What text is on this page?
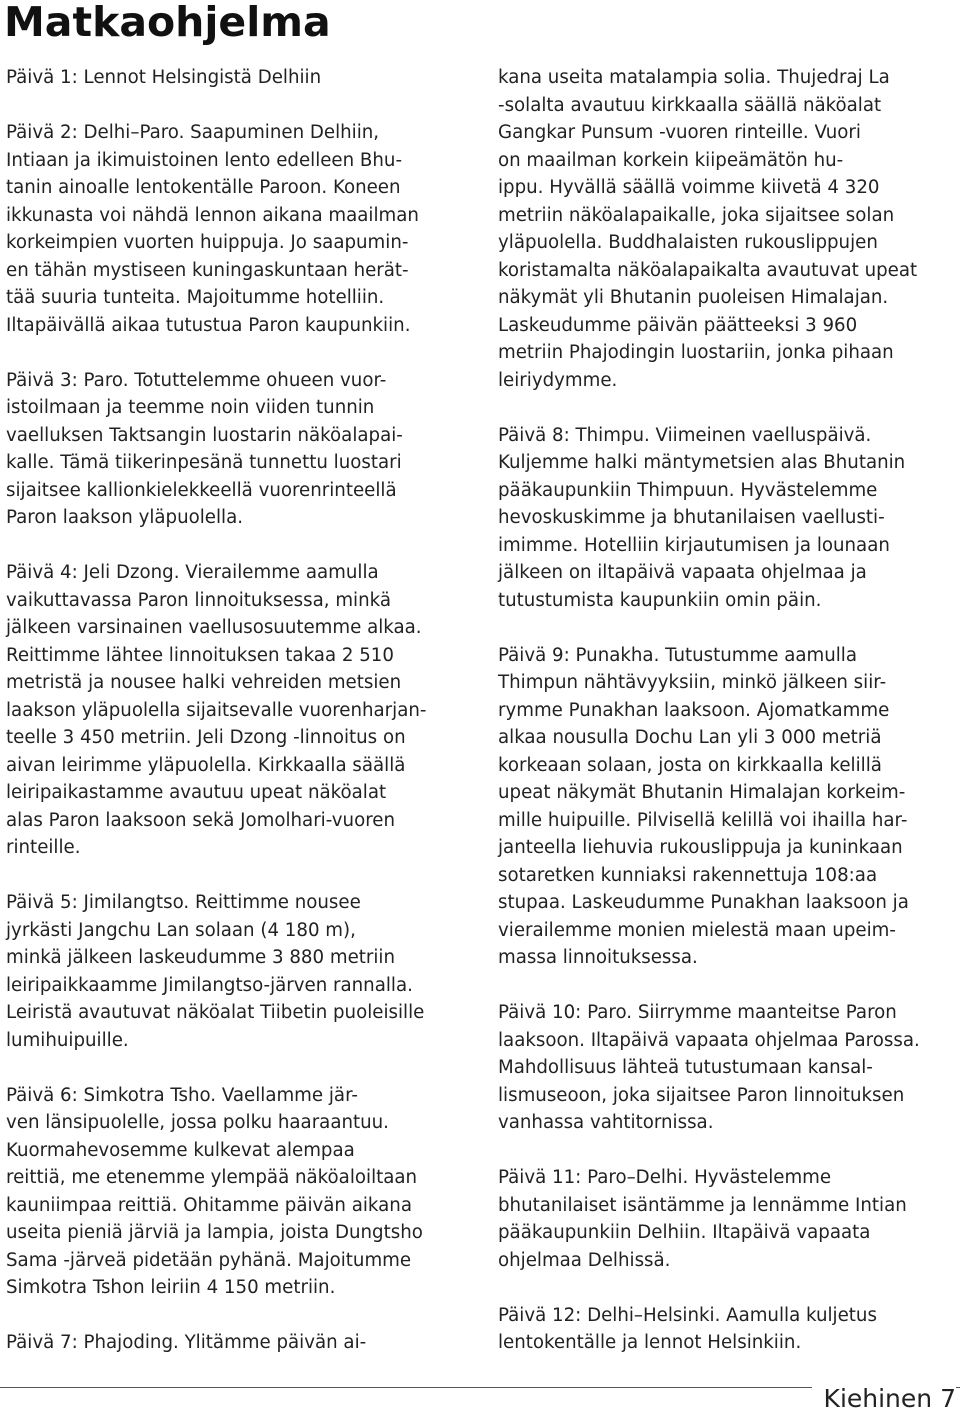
Matkaohjelma

Päivä 1: Lennot Helsingistä Delhiin

Päivä 2: Delhi–Paro. Saapuminen Delhiin,
Intiaan ja ikimuistoinen lento edelleen Bhu-
tanin ainoalle lentokentälle Paroon. Koneen
ikkunasta voi nähdä lennon aikana maailman
korkeimpien vuorten huippuja. Jo saapumin-
en tähän mystiseen kuningaskuntaan herät-
tää suuria tunteita. Majoitumme hotelliin.
Iltapäivällä aikaa tutustua Paron kaupunkiin.

Päivä 3: Paro. Totuttelemme ohueen vuor-
istoilmaan ja teemme noin viiden tunnin
vaelluksen Taktsangin luostarin näköalapai-
kalle. Tämä tiikerinpesänä tunnettu luostari
sijaitsee kallionkielekkeellä vuorenrinteellä
Paron laakson yläpuolella.

Päivä 4: Jeli Dzong. Vierailemme aamulla
vaikuttavassa Paron linnoituksessa, minkä
jälkeen varsinainen vaellusosuutemme alkaa.
Reittimme lähtee linnoituksen takaa 2 510
metristä ja nousee halki vehreiden metsien
laakson yläpuolella sijaitsevalle vuorenharjan-
teelle 3 450 metriin. Jeli Dzong -linnoitus on
aivan leirimme yläpuolella. Kirkkaalla säällä
leiripaikastamme avautuu upeat näköalat
alas Paron laaksoon sekä Jomolhari-vuoren
rinteille.

Päivä 5: Jimilangtso. Reittimme nousee
jyrkästi Jangchu Lan solaan (4 180 m),
minkä jälkeen laskeudumme 3 880 metriin
leiripaikkaamme Jimilangtso-järven rannalla.
Leiristä avautuvat näköalat Tiibetin puoleisille
lumihuipuille.

Päivä 6: Simkotra Tsho. Vaellamme jär-
ven länsipuolelle, jossa polku haaraantuu.
Kuormahevosemme kulkevat alempaa
reittiä, me etenemme ylempää näköaloiltaan
kauniimpaa reittiä. Ohitamme päivän aikana
useita pieniä järviä ja lampia, joista Dungtsho
Sama -järveä pidetään pyhänä. Majoitumme
Simkotra Tshon leiriin 4 150 metriin.

Päivä 7: Phajoding. Ylitämme päivän ai-

kana useita matalampia solia. Thujedraj La
-solalta avautuu kirkkaalla säällä näköalat
Gangkar Punsum -vuoren rinteille. Vuori
on maailman korkein kiipeämätön hu-
ippu. Hyvällä säällä voimme kiivetä 4 320
metriin näköalapaikalle, joka sijaitsee solan
yläpuolella. Buddhalaisten rukouslippujen
koristamalta näköalapaikalta avautuvat upeat
näkymät yli Bhutanin puoleisen Himalajan.
Laskeudumme päivän päätteeksi 3 960
metriin Phajodingin luostariin, jonka pihaan
leiriydymme.

Päivä 8: Thimpu. Viimeinen vaelluspäivä.
Kuljemme halki mäntymetsien alas Bhutanin
pääkaupunkiin Thimpuun. Hyvästelemme
hevoskuskimme ja bhutanilaisen vaellusti-
imimme. Hotelliin kirjautumisen ja lounaan
jälkeen on iltapäivä vapaata ohjelmaa ja
tutustumista kaupunkiin omin päin.

Päivä 9: Punakha. Tutustumme aamulla
Thimpun nähtävyyksiin, minkö jälkeen siir-
rymme Punakhan laaksoon. Ajomatkamme
alkaa nousulla Dochu Lan yli 3 000 metriä
korkeaan solaan, josta on kirkkaalla kelillä
upeat näkymät Bhutanin Himalajan korkeim-
mille huipuille. Pilvisellä kelillä voi ihailla har-
janteella liehuvia rukouslippuja ja kuninkaan
sotaretken kunniaksi rakennettuja 108:aa
stupaa. Laskeudumme Punakhan laaksoon ja
vierailemme monien mielestä maan upeim-
massa linnoituksessa.

Päivä 10: Paro. Siirrymme maanteitse Paron
laaksoon. Iltapäivä vapaata ohjelmaa Parossa.
Mahdollisuus lähteä tutustumaan kansal-
lismuseoon, joka sijaitsee Paron linnoituksen
vanhassa vahtitornissa.

Päivä 11: Paro–Delhi. Hyvästelemme
bhutanilaiset isäntämme ja lennämme Intian
pääkaupunkiin Delhiin. Iltapäivä vapaata
ohjelmaa Delhissä.

Päivä 12: Delhi–Helsinki. Aamulla kuljetus
lentokentälle ja lennot Helsinkiin.

Kiehinen 7
